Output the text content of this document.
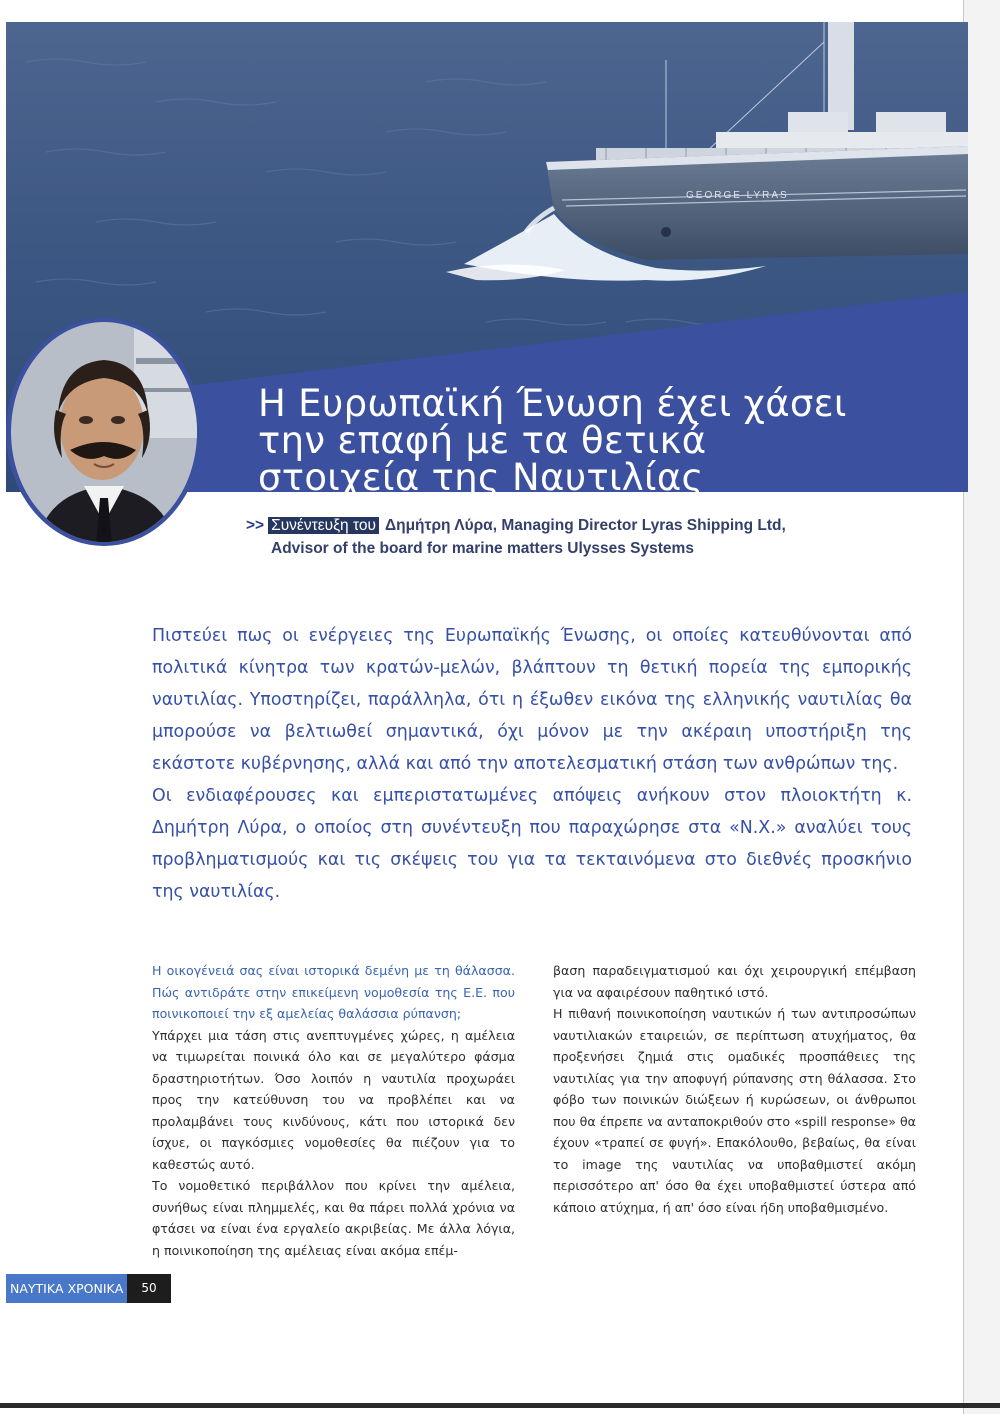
GEORGE LYRAS
Η Ευρωπαϊκή Ένωση έχει χάσει
την επαφή με τα θετικά
στοιχεία της Ναυτιλίας
>> Συνέντευξη του Δημήτρη Λύρα, Managing Director Lyras Shipping Ltd,
Advisor of the board for marine matters Ulysses Systems

Πιστεύει πως οι ενέργειες της Ευρωπαϊκής Ένωσης, οι οποίες κατευθύνονται από πολιτικά κίνητρα των κρατών-μελών, βλάπτουν τη θετική πορεία της εμπορικής ναυτιλίας. Υποστηρίζει, παράλληλα, ότι η έξωθεν εικόνα της ελληνικής ναυτιλίας θα μπορούσε να βελτιωθεί σημαντικά, όχι μόνον με την ακέραιη υποστήριξη της εκάστοτε κυβέρνησης, αλλά και από την αποτελεσματική στάση των ανθρώπων της.

Οι ενδιαφέρουσες και εμπεριστατωμένες απόψεις ανήκουν στον πλοιοκτήτη κ. Δημήτρη Λύρα, ο οποίος στη συνέντευξη που παραχώρησε στα «Ν.Χ.» αναλύει τους προβληματισμούς και τις σκέψεις του για τα τεκταινόμενα στο διεθνές προσκήνιο της ναυτιλίας.

Η οικογένειά σας είναι ιστορικά δεμένη με τη θάλασσα. Πώς αντιδράτε στην επικείμενη νομοθεσία της Ε.Ε. που ποινικοποιεί την εξ αμελείας θαλάσσια ρύπανση;

Υπάρχει μια τάση στις ανεπτυγμένες χώρες, η αμέλεια να τιμωρείται ποινικά όλο και σε μεγαλύτερο φάσμα δραστηριοτήτων. Όσο λοιπόν η ναυτιλία προχωράει προς την κατεύθυνση του να προβλέπει και να προλαμβάνει τους κινδύνους, κάτι που ιστορικά δεν ίσχυε, οι παγκόσμιες νομοθεσίες θα πιέζουν για το καθεστώς αυτό.

Το νομοθετικό περιβάλλον που κρίνει την αμέλεια, συνήθως είναι πλημμελές, και θα πάρει πολλά χρόνια να φτάσει να είναι ένα εργαλείο ακριβείας. Με άλλα λόγια, η ποινικοποίηση της αμέλειας είναι ακόμα επέμ-

βαση παραδειγματισμού και όχι χειρουργική επέμβαση για να αφαιρέσουν παθητικό ιστό.

Η πιθανή ποινικοποίηση ναυτικών ή των αντιπροσώπων ναυτιλιακών εταιρειών, σε περίπτωση ατυχήματος, θα προξενήσει ζημιά στις ομαδικές προσπάθειες της ναυτιλίας για την αποφυγή ρύπανσης στη θάλασσα. Στο φόβο των ποινικών διώξεων ή κυρώσεων, οι άνθρωποι που θα έπρεπε να ανταποκριθούν στο «spill response» θα έχουν «τραπεί σε φυγή». Επακόλουθο, βεβαίως, θα είναι το image της ναυτιλίας να υποβαθμιστεί ακόμη περισσότερο απ' όσο θα έχει υποβαθμιστεί ύστερα από κάποιο ατύχημα, ή απ' όσο είναι ήδη υποβαθμισμένο.

ΝΑΥΤΙΚΑ ΧΡΟΝΙΚΑ	50
